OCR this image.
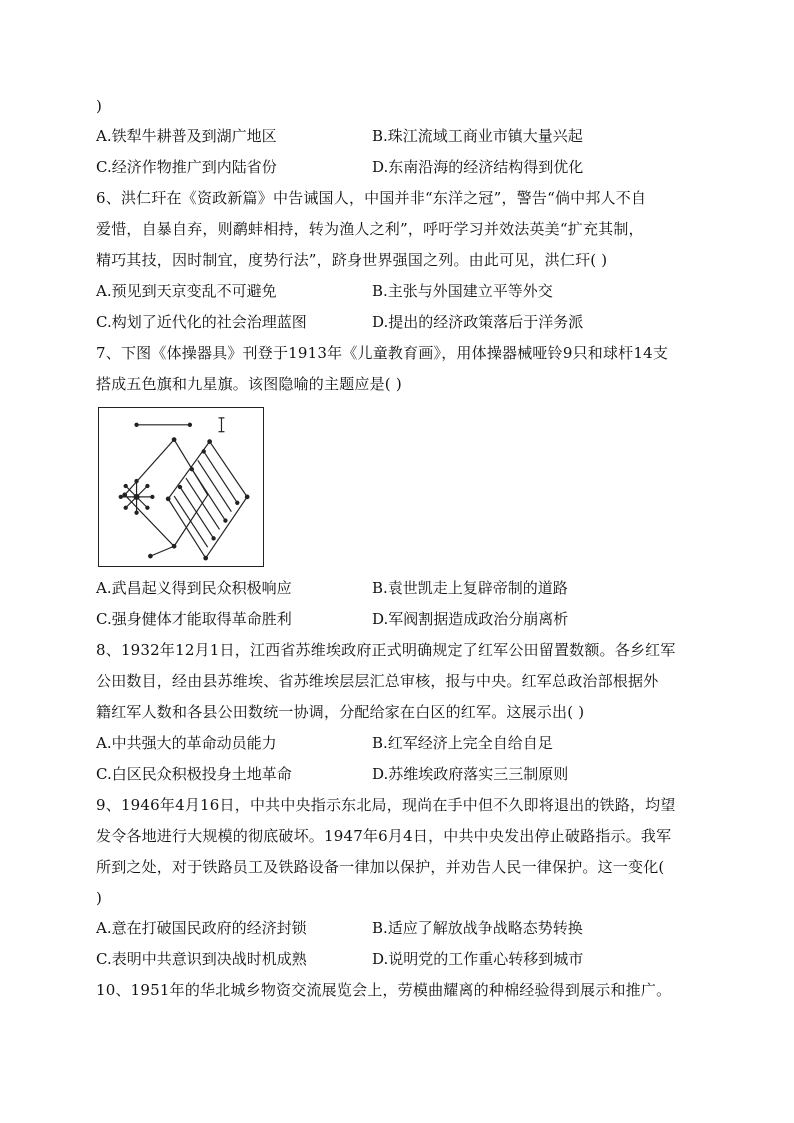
)
A.铁犁牛耕普及到湖广地区	B.珠江流域工商业市镇大量兴起
C.经济作物推广到内陆省份	D.东南沿海的经济结构得到优化
6、洪仁玕在《资政新篇》中告诫国人，中国并非“东洋之冠”，警告“倘中邦人不自
爱惜，自暴自弃，则鹬蚌相持，转为渔人之利”，呼吁学习并效法英美“扩充其制，
精巧其技，因时制宜，度势行法”，跻身世界强国之列。由此可见，洪仁玕( )
A.预见到天京变乱不可避免	B.主张与外国建立平等外交
C.构划了近代化的社会治理蓝图	D.提出的经济政策落后于洋务派
7、下图《体操器具》刊登于1913年《儿童教育画》，用体操器械哑铃9只和球杆14支
搭成五色旗和九星旗。该图隐喻的主题应是( )
A.武昌起义得到民众积极响应	B.袁世凯走上复辟帝制的道路
C.强身健体才能取得革命胜利	D.军阀割据造成政治分崩离析
8、1932年12月1日，江西省苏维埃政府正式明确规定了红军公田留置数额。各乡红军
公田数目，经由县苏维埃、省苏维埃层层汇总审核，报与中央。红军总政治部根据外
籍红军人数和各县公田数统一协调，分配给家在白区的红军。这展示出( )
A.中共强大的革命动员能力	B.红军经济上完全自给自足
C.白区民众积极投身土地革命	D.苏维埃政府落实三三制原则
9、1946年4月16日，中共中央指示东北局，现尚在手中但不久即将退出的铁路，均望
发令各地进行大规模的彻底破坏。1947年6月4日，中共中央发出停止破路指示。我军
所到之处，对于铁路员工及铁路设备一律加以保护，并劝告人民一律保护。这一变化(
)
A.意在打破国民政府的经济封锁	B.适应了解放战争战略态势转换
C.表明中共意识到决战时机成熟	D.说明党的工作重心转移到城市
10、1951年的华北城乡物资交流展览会上，劳模曲耀离的种棉经验得到展示和推广。
